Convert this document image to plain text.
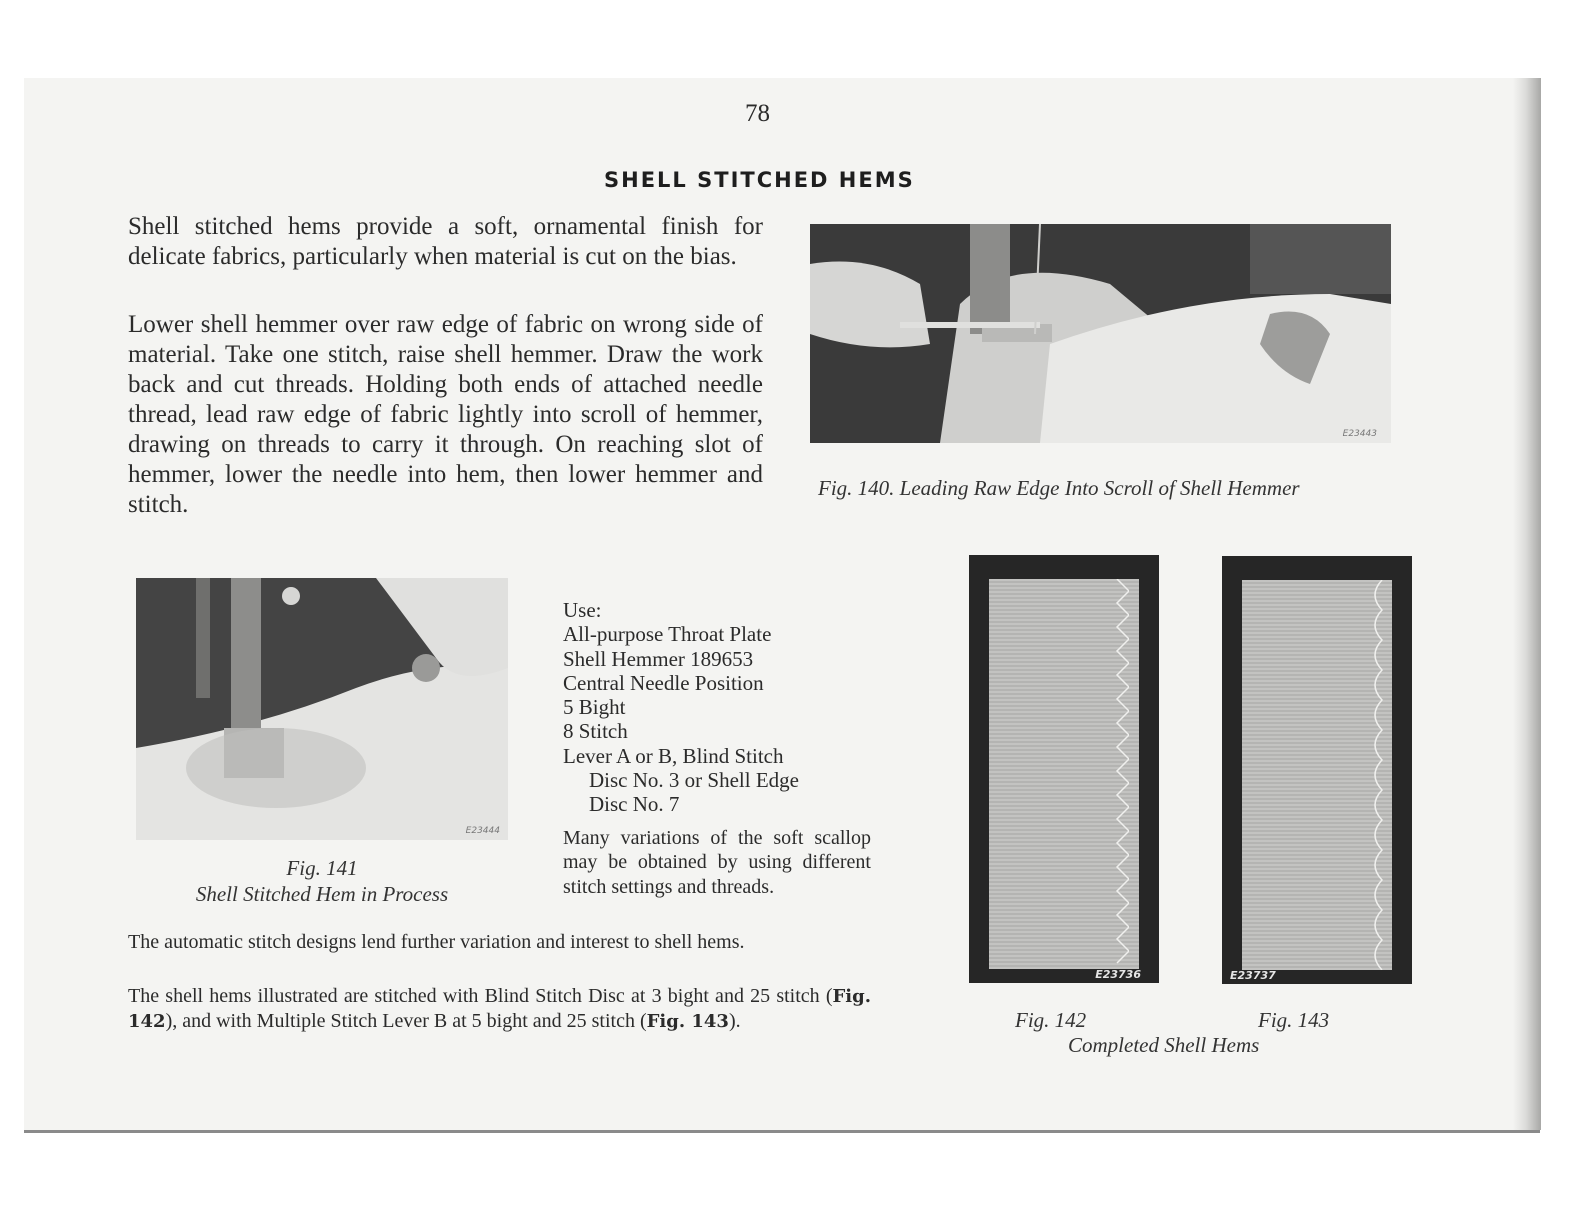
78
SHELL STITCHED HEMS

Shell stitched hems provide a soft, ornamental finish for delicate fabrics, particularly when material is cut on the bias.

Lower shell hemmer over raw edge of fabric on wrong side of material. Take one stitch, raise shell hemmer. Draw the work back and cut threads. Holding both ends of attached needle thread, lead raw edge of fabric lightly into scroll of hemmer, drawing on threads to carry it through. On reaching slot of hemmer, lower the needle into hem, then lower hemmer and stitch.

E23443
Fig. 140. Leading Raw Edge Into Scroll of Shell Hemmer
E23444
Fig. 141
Shell Stitched Hem in Process
Use:
All-purpose Throat Plate
Shell Hemmer 189653
Central Needle Position
5 Bight
8 Stitch
Lever A or B, Blind Stitch
Disc No. 3 or Shell Edge
Disc No. 7

Many variations of the soft scallop may be obtained by using different stitch settings and threads.

The automatic stitch designs lend further variation and interest to shell hems.

The shell hems illustrated are stitched with Blind Stitch Disc at 3 bight and 25 stitch (Fig. 142), and with Multiple Stitch Lever B at 5 bight and 25 stitch (Fig. 143).

E23736	E23737
Fig. 142	Fig. 143
Completed Shell Hems
